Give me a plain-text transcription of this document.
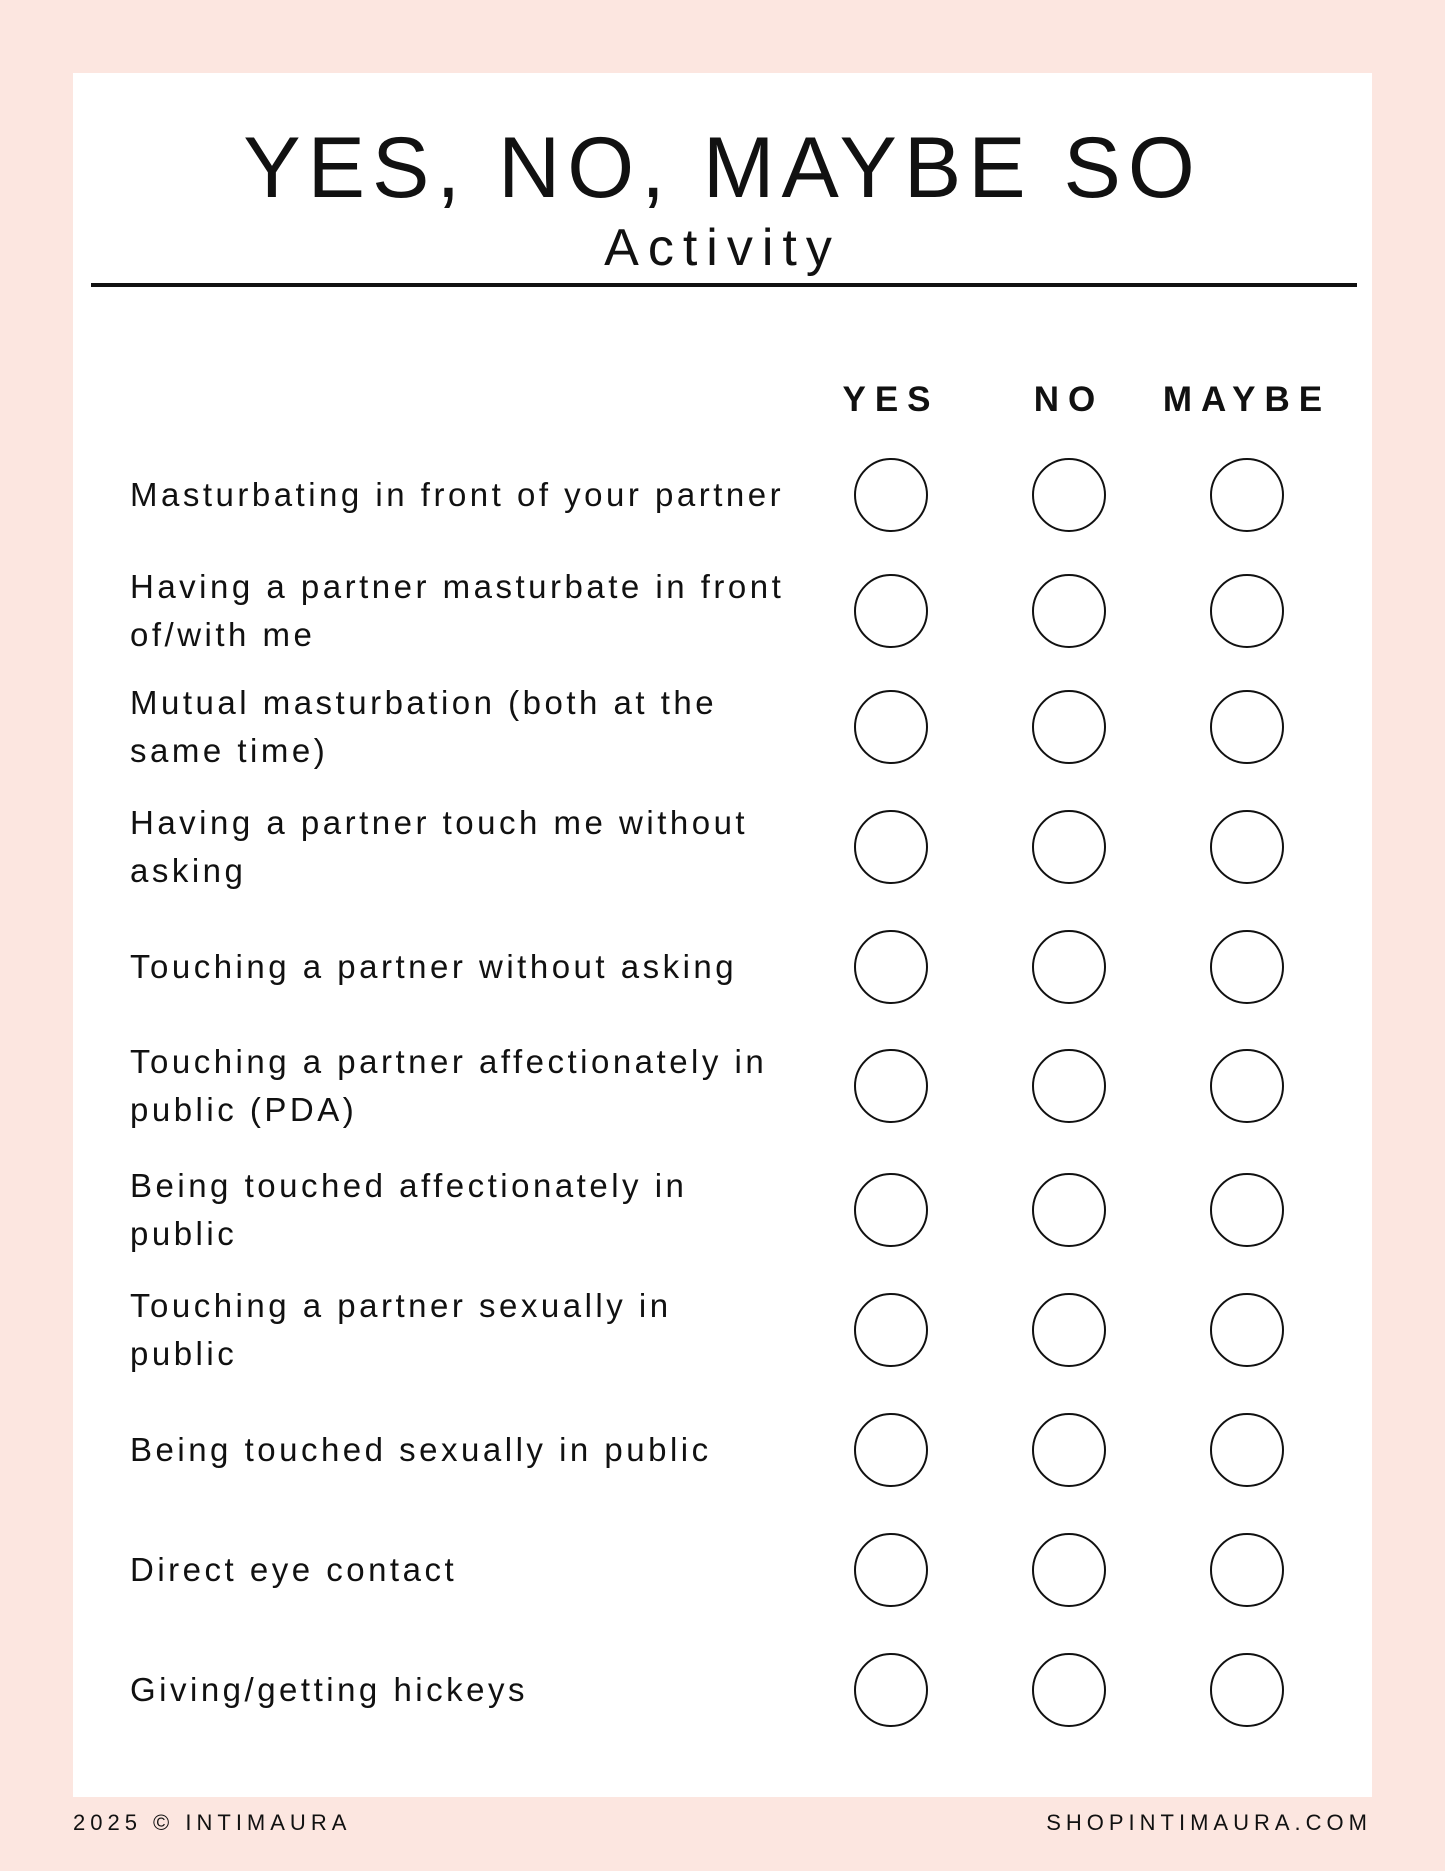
YES, NO, MAYBE SO
Activity
YES	NO	MAYBE
Masturbating in front of your partner
Having a partner masturbate in front of/with me
Mutual masturbation (both at the same time)
Having a partner touch me without asking
Touching a partner without asking
Touching a partner affectionately in public (PDA)
Being touched affectionately in public
Touching a partner sexually in public
Being touched sexually in public
Direct eye contact
Giving/getting hickeys
2025 © INTIMAURA	SHOPINTIMAURA.COM
